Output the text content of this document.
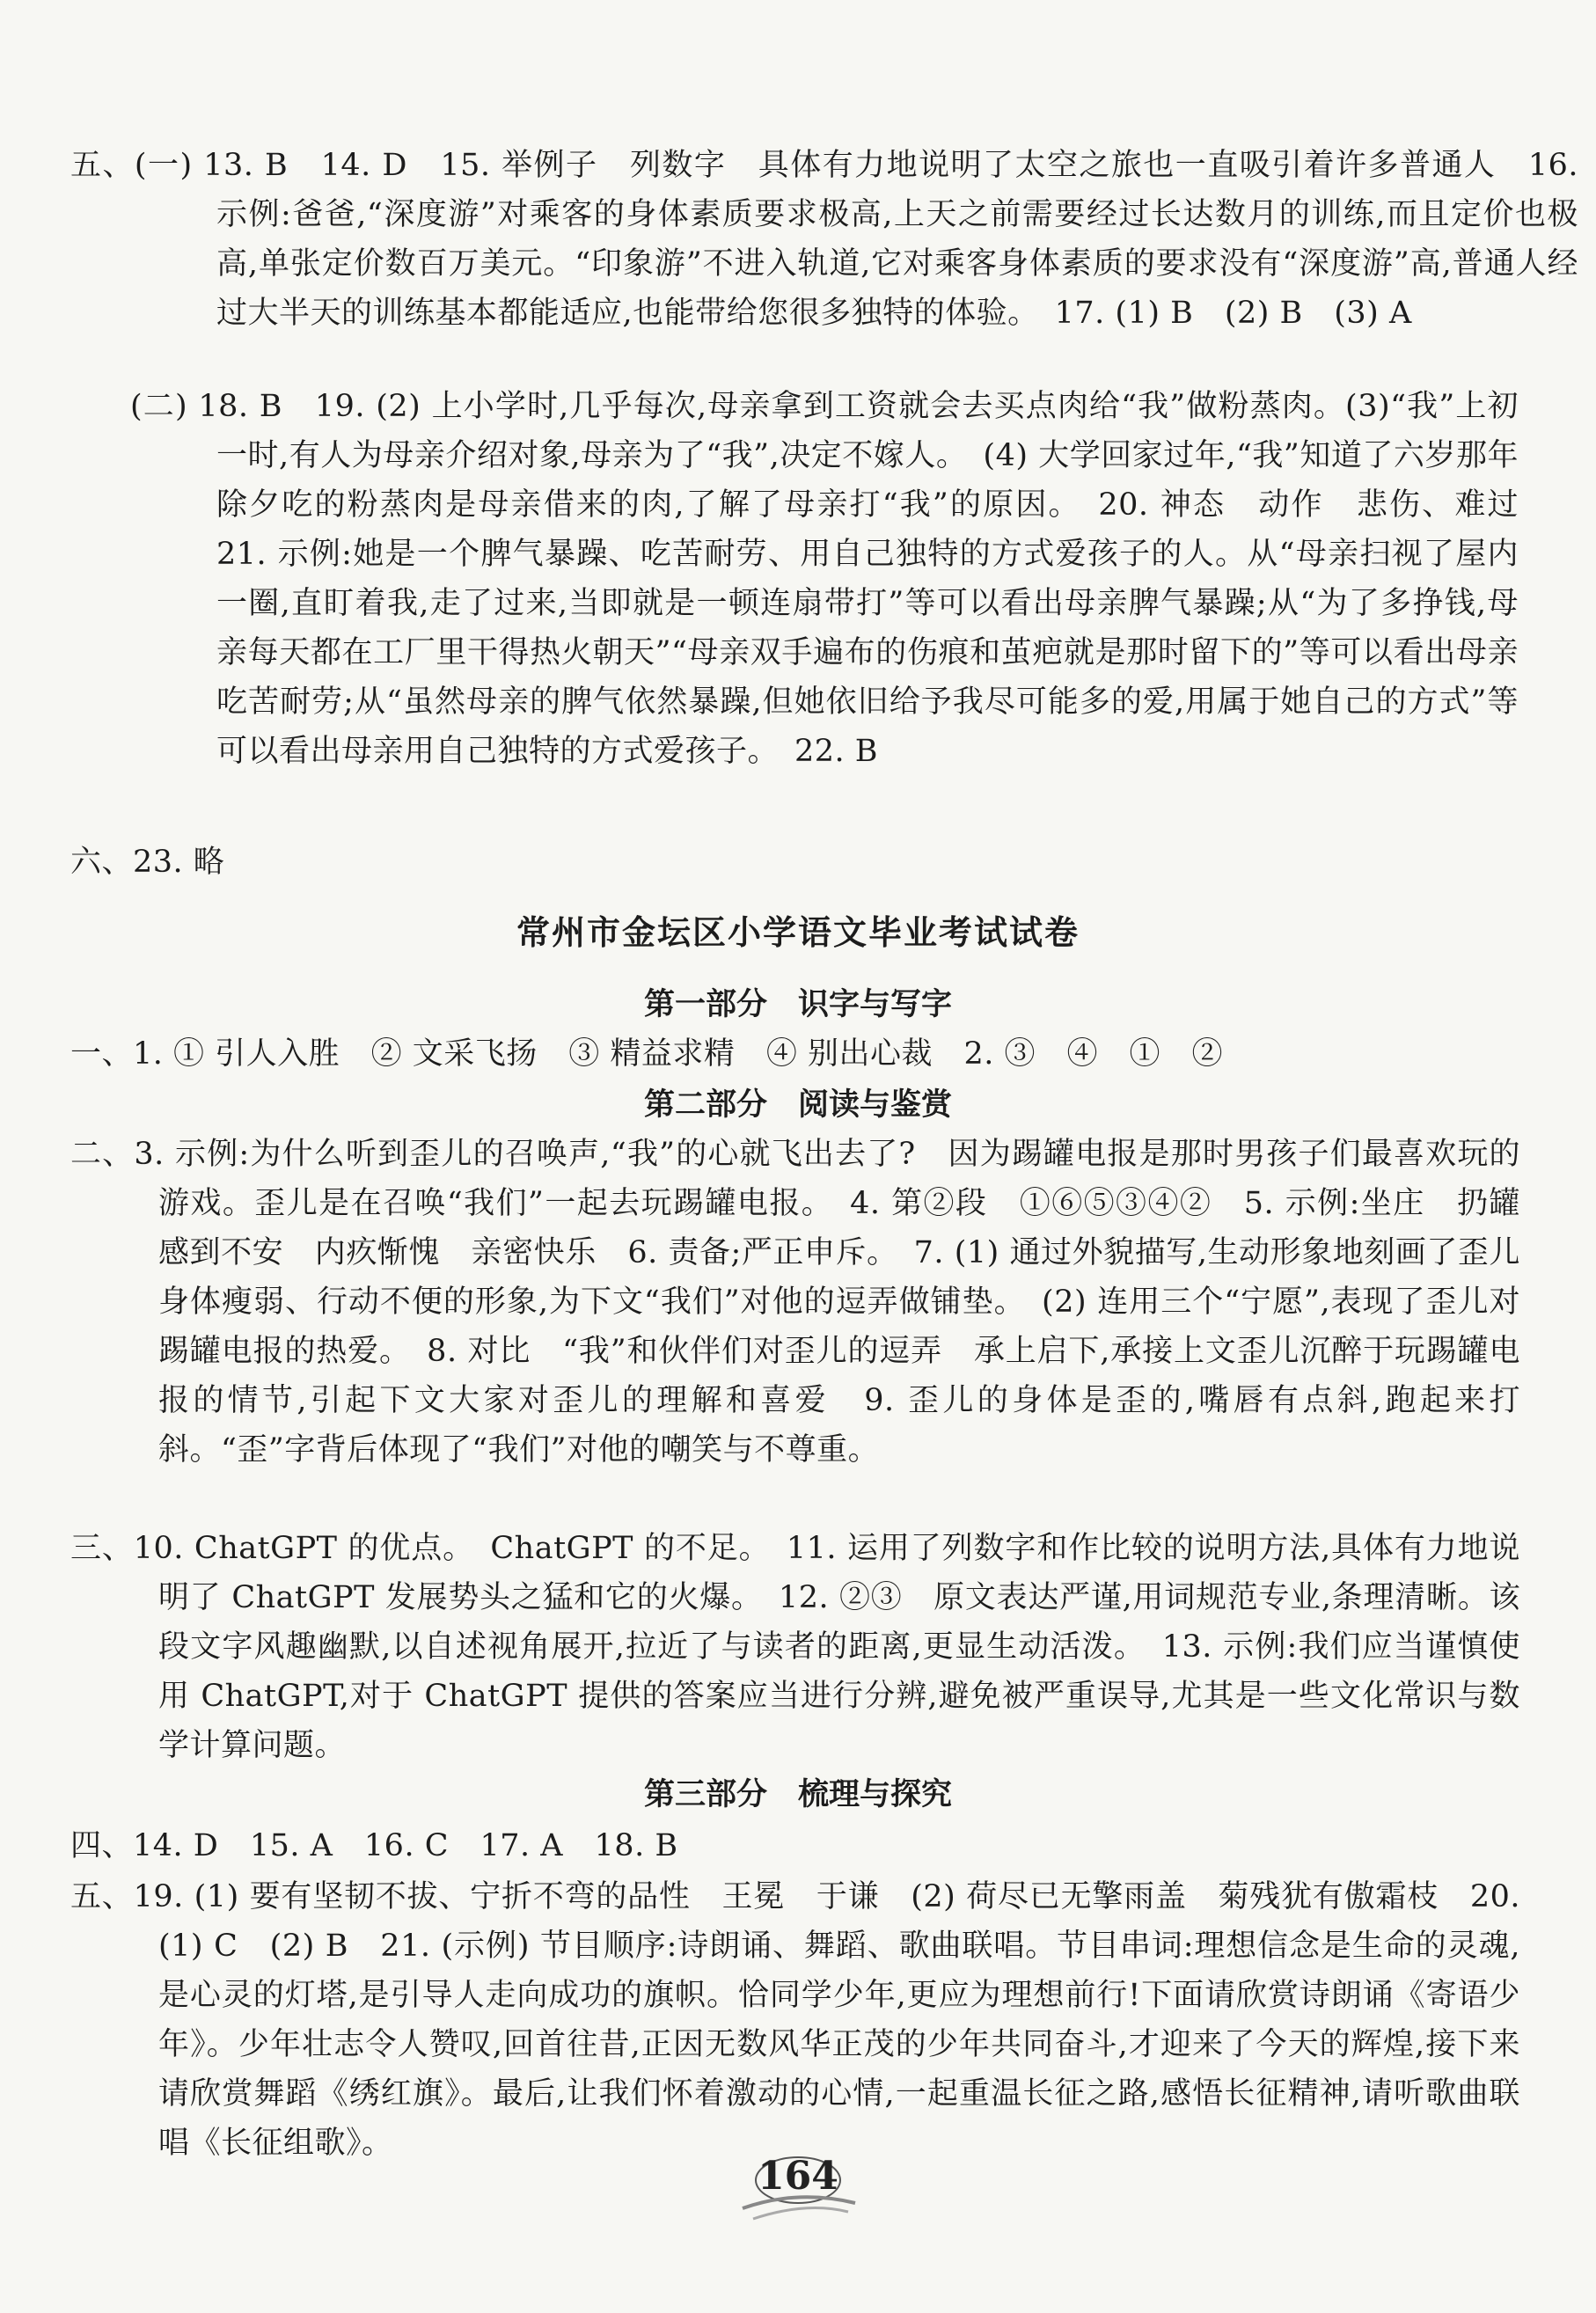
五、(一) 13. B　14. D　15. 举例子　列数字　具体有力地说明了太空之旅也一直吸引着许多普通人　16. 示例:爸爸,“深度游”对乘客的身体素质要求极高,上天之前需要经过长达数月的训练,而且定价也极高,单张定价数百万美元。“印象游”不进入轨道,它对乘客身体素质的要求没有“深度游”高,普通人经过大半天的训练基本都能适应,也能带给您很多独特的体验。　17. (1) B　(2) B　(3) A
(二) 18. B　19. (2) 上小学时,几乎每次,母亲拿到工资就会去买点肉给“我”做粉蒸肉。(3)“我”上初一时,有人为母亲介绍对象,母亲为了“我”,决定不嫁人。　(4) 大学回家过年,“我”知道了六岁那年除夕吃的粉蒸肉是母亲借来的肉,了解了母亲打“我”的原因。　20. 神态　动作　悲伤、难过　21. 示例:她是一个脾气暴躁、吃苦耐劳、用自己独特的方式爱孩子的人。从“母亲扫视了屋内一圈,直盯着我,走了过来,当即就是一顿连扇带打”等可以看出母亲脾气暴躁;从“为了多挣钱,母亲每天都在工厂里干得热火朝天”“母亲双手遍布的伤痕和茧疤就是那时留下的”等可以看出母亲吃苦耐劳;从“虽然母亲的脾气依然暴躁,但她依旧给予我尽可能多的爱,用属于她自己的方式”等可以看出母亲用自己独特的方式爱孩子。　22. B
六、23. 略
常州市金坛区小学语文毕业考试试卷
第一部分　 识字与写字
一、1. ① 引人入胜　② 文采飞扬　③ 精益求精　④ 别出心裁　2. ③　④　①　②
第二部分　 阅读与鉴赏
二、3. 示例:为什么听到歪儿的召唤声,“我”的心就飞出去了?　因为踢罐电报是那时男孩子们最喜欢玩的游戏。歪儿是在召唤“我们”一起去玩踢罐电报。　4. 第②段　①⑥⑤③④②　5. 示例:坐庄　扔罐　感到不安　内疚惭愧　亲密快乐　6. 责备;严正申斥。　7. (1) 通过外貌描写,生动形象地刻画了歪儿身体瘦弱、行动不便的形象,为下文“我们”对他的逗弄做铺垫。　(2) 连用三个“宁愿”,表现了歪儿对踢罐电报的热爱。　8. 对比　“我”和伙伴们对歪儿的逗弄　承上启下,承接上文歪儿沉醉于玩踢罐电报的情节,引起下文大家对歪儿的理解和喜爱　9. 歪儿的身体是歪的,嘴唇有点斜,跑起来打斜。“歪”字背后体现了“我们”对他的嘲笑与不尊重。
三、10. ChatGPT 的优点。　ChatGPT 的不足。　11. 运用了列数字和作比较的说明方法,具体有力地说明了 ChatGPT 发展势头之猛和它的火爆。　12. ②③　原文表达严谨,用词规范专业,条理清晰。该段文字风趣幽默,以自述视角展开,拉近了与读者的距离,更显生动活泼。　13. 示例:我们应当谨慎使用 ChatGPT,对于 ChatGPT 提供的答案应当进行分辨,避免被严重误导,尤其是一些文化常识与数学计算问题。
第三部分　 梳理与探究
四、14. D　15. A　16. C　17. A　18. B
五、19. (1) 要有坚韧不拔、宁折不弯的品性　王冕　于谦　(2) 荷尽已无擎雨盖　菊残犹有傲霜枝　20. (1) C　(2) B　21. (示例) 节目顺序:诗朗诵、舞蹈、歌曲联唱。节目串词:理想信念是生命的灵魂,是心灵的灯塔,是引导人走向成功的旗帜。恰同学少年,更应为理想前行!下面请欣赏诗朗诵《寄语少年》。少年壮志令人赞叹,回首往昔,正因无数风华正茂的少年共同奋斗,才迎来了今天的辉煌,接下来请欣赏舞蹈《绣红旗》。最后,让我们怀着激动的心情,一起重温长征之路,感悟长征精神,请听歌曲联唱《长征组歌》。
164
